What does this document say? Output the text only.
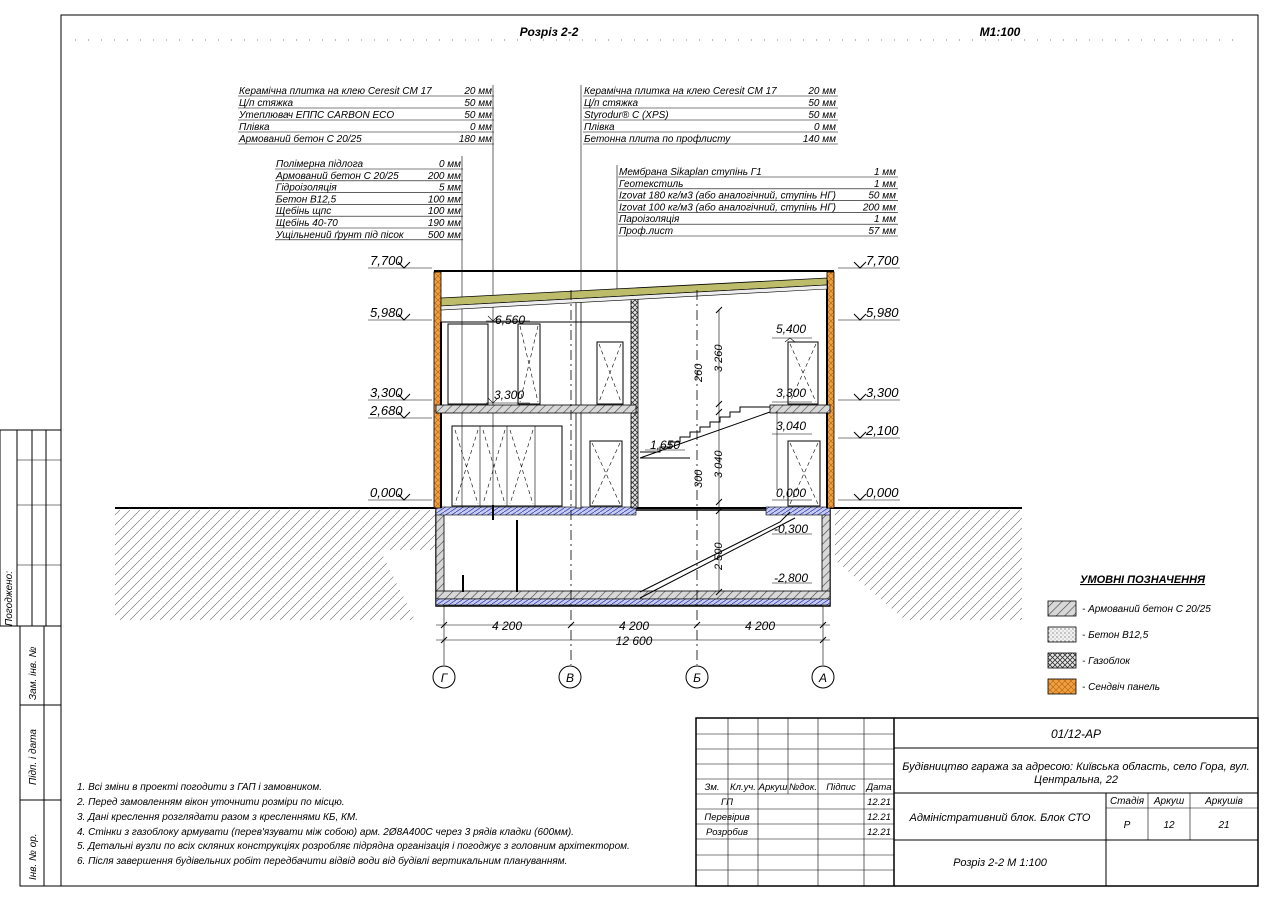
Розріз 2-2	М1:100
Погоджено:
Зам. інв. №
Підп. і дата
Інв. № ор.
Керамічна плитка на клею Ceresit CM 17	20 мм
Ц/п стяжка	50 мм
Утеплювач ЕППС CARBON ECO	50 мм
Плівка	0 мм
Армований бетон С 20/25	180 мм
Керамічна плитка на клею Ceresit CM 17	20 мм
Ц/п стяжка	50 мм
Styrodur® C (XPS)	50 мм
Плівка	0 мм
Бетонна плита по профлисту	140 мм
Полімерна підлога	0 мм
Армований бетон С 20/25	200 мм
Гідроізоляція	5 мм
Бетон В12,5	100 мм
Щебінь щпс	100 мм
Щебінь 40-70	190 мм
Ущільнений ґрунт під пісок 500 мм
Мембрана Sikaplan ступінь Г1	1 мм
Геотекстиль	1 мм
Izovat 180 кг/м3 (або аналогічний, ступінь НГ)	50 мм
Izovat 100 кг/м3 (або аналогічний, ступінь НГ)	200 мм
Пароізоляція	1 мм
Проф.лист	57 мм
7,700
5,980
3,300
2,680
0,000
7,700
5,980
3,300
2,100
0,000
6,560
3,300
5,400
3,300
3,040
1,650
0,000
-0,300
-2,800
260
3 260
300
3 040
2 500
4 200	4 200	4 200
12 600
Г	В	Б	А
УМОВНІ ПОЗНАЧЕННЯ
- Армований бетон С 20/25
- Бетон В12,5
- Газоблок
- Сендвіч панель
1. Всі зміни в проекті погодити з ГАП і замовником.
2. Перед замовленням вікон уточнити розміри по місцю.
3. Дані креслення розглядати разом з кресленнями КБ, КМ.
4. Стінки з газоблоку армувати (перев'язувати між собою) арм. 2Ø8А400С через 3 рядів кладки (600мм).
5. Детальні вузли по всіх скляних конструкціях розробляє підрядна організація і погоджує з головним архітектором.
6. Після завершення будівельних робіт передбачити відвід води від будівлі вертикальним плануванням.
Зм. Кл.уч. Аркуш №док. Підпис Дата
ГП	12.21
Перевірив	12.21
Розробив	12.21
01/12-АР
Будівництво гаража за адресою: Київська область, село Гора, вул. Центральна, 22
Адміністративний блок. Блок СТО
Розріз 2-2 М 1:100
Стадія Аркуш Аркушів
Р	12	21
